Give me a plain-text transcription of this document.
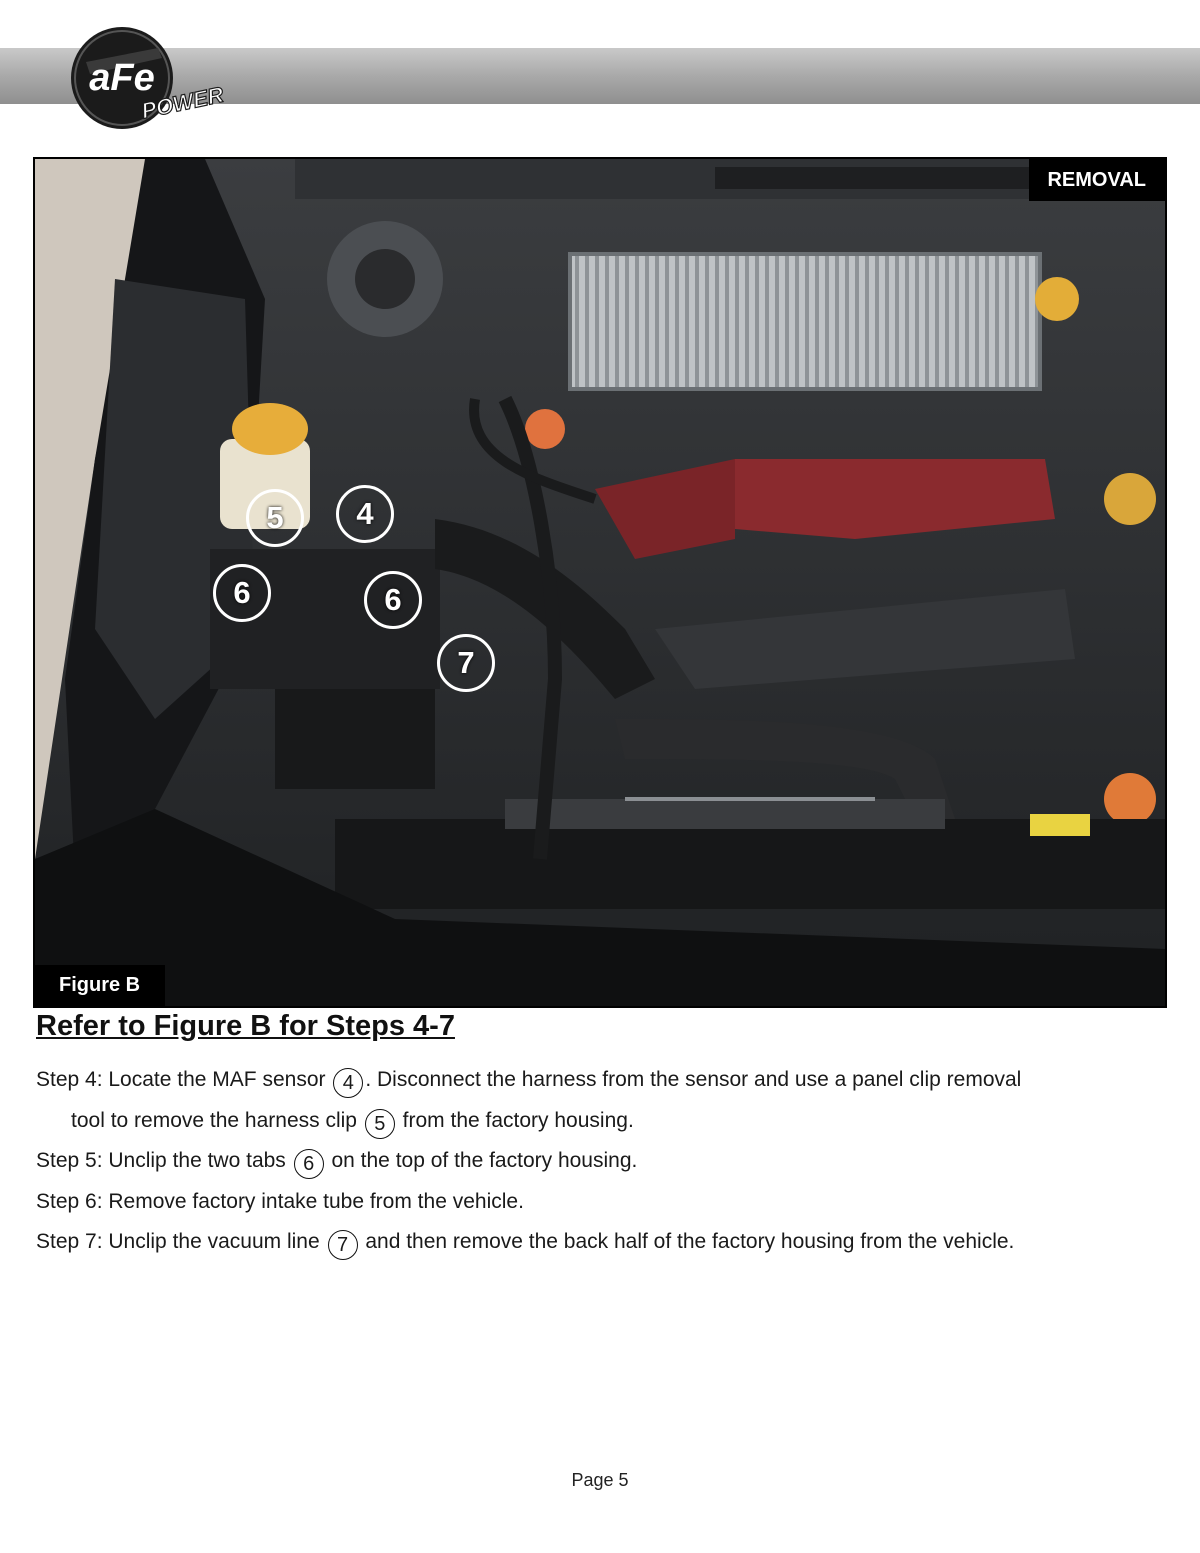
aFe
POWER
REMOVAL
Figure B
5	4
6	6
7
Refer to Figure B for Steps 4-7

Step 4: Locate the MAF sensor 4 . Disconnect the harness from the sensor and use a panel clip removal

tool to remove the harness clip 5 from the factory housing.

Step 5: Unclip the two tabs 6 on the top of the factory housing.

Step 6: Remove factory intake tube from the vehicle.

Step 7: Unclip the vacuum line 7 and then remove the back half of the factory housing from the vehicle.

Page 5
